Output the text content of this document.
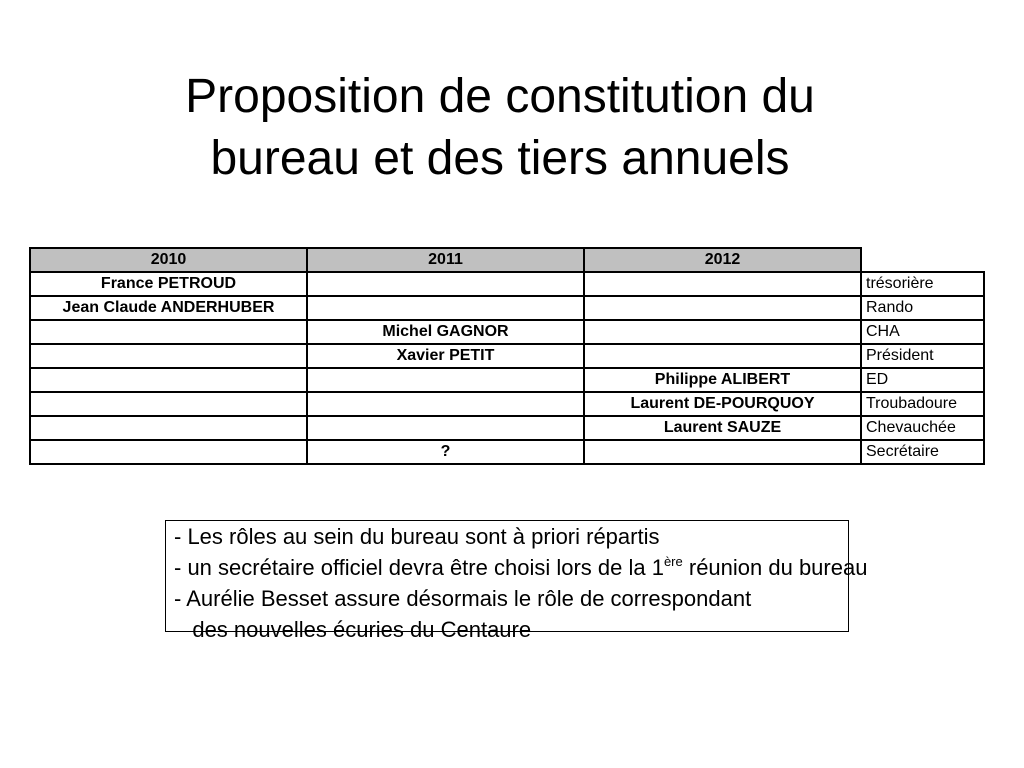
Proposition de constitution du
bureau et des tiers annuels
2010	2011	2012	
France PETROUD			trésorière
Jean Claude ANDERHUBER			Rando
	Michel GAGNOR		CHA
	Xavier PETIT		Président
		Philippe ALIBERT	ED
		Laurent DE-POURQUOY	Troubadoure
		Laurent SAUZE	Chevauchée
	?		Secrétaire
- Les rôles au sein du bureau sont à priori répartis
- un secrétaire officiel devra être choisi lors de la 1ère réunion du bureau
- Aurélie Besset assure désormais le rôle de correspondant
des nouvelles écuries du Centaure
